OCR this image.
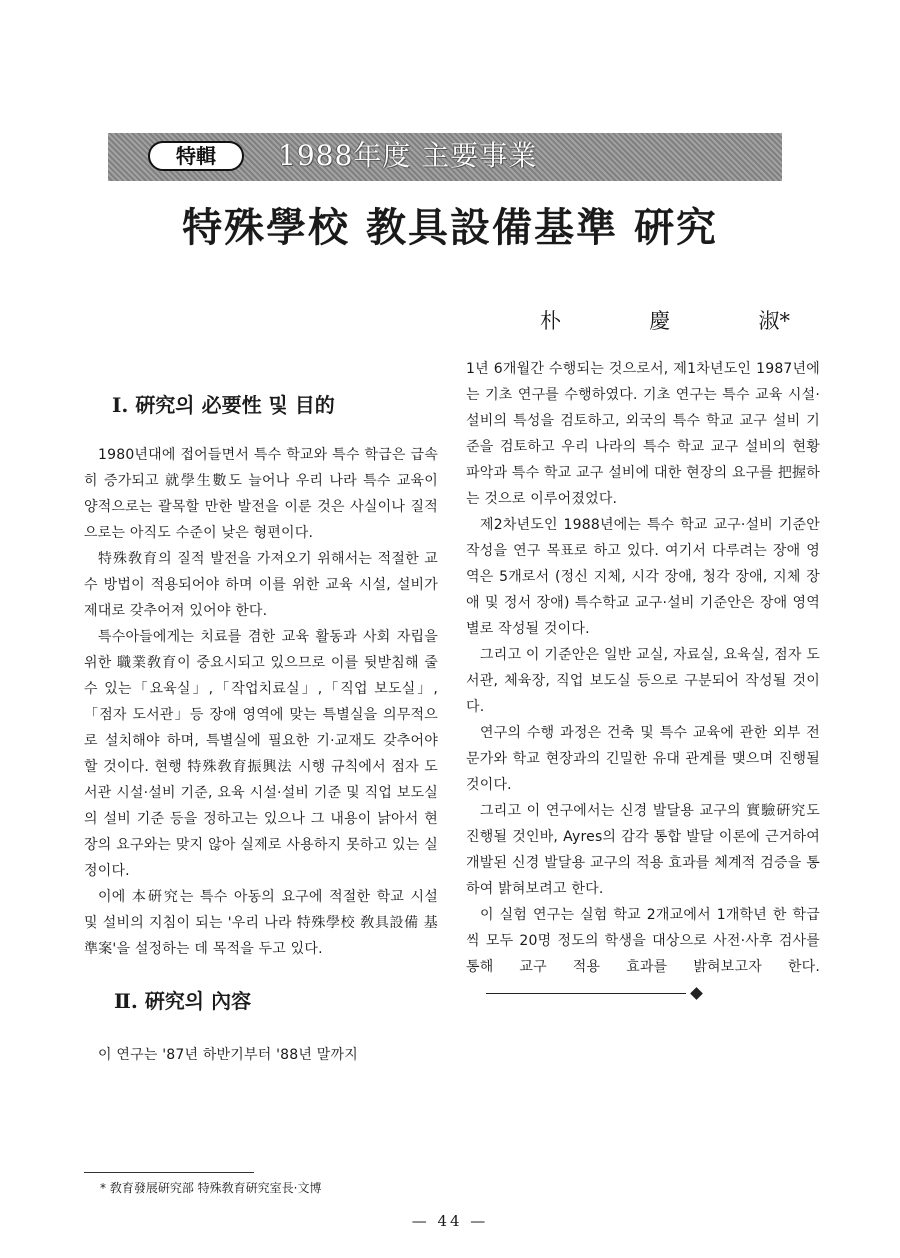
特輯	1988年度 主要事業
特殊學校 教具設備基準 硏究
朴	慶	淑*
Ⅰ. 硏究의 必要性 및 目的

1980년대에 접어들면서 특수 학교와 특수 학급은 급속히 증가되고 就學生數도 늘어나 우리 나라 특수 교육이 양적으로는 괄목할 만한 발전을 이룬 것은 사실이나 질적으로는 아직도 수준이 낮은 형편이다.

特殊敎育의 질적 발전을 가져오기 위해서는 적절한 교수 방법이 적용되어야 하며 이를 위한 교육 시설, 설비가 제대로 갖추어져 있어야 한다.

특수아들에게는 치료를 겸한 교육 활동과 사회 자립을 위한 職業敎育이 중요시되고 있으므로 이를 뒷받침해 줄 수 있는「요육실」,「작업치료실」,「직업 보도실」,「점자 도서관」등 장애 영역에 맞는 특별실을 의무적으로 설치해야 하며, 특별실에 필요한 기·교재도 갖추어야 할 것이다. 현행 特殊敎育振興法 시행 규칙에서 점자 도서관 시설·설비 기준, 요육 시설·설비 기준 및 직업 보도실의 설비 기준 등을 정하고는 있으나 그 내용이 낡아서 현장의 요구와는 맞지 않아 실제로 사용하지 못하고 있는 실정이다.

이에 本硏究는 특수 아동의 요구에 적절한 학교 시설 및 설비의 지침이 되는 '우리 나라 特殊學校 敎具設備 基準案'을 설정하는 데 목적을 두고 있다.

Ⅱ. 硏究의 內容

이 연구는 '87년 하반기부터 '88년 말까지

1년 6개월간 수행되는 것으로서, 제1차년도인 1987년에는 기초 연구를 수행하였다. 기초 연구는 특수 교육 시설·설비의 특성을 검토하고, 외국의 특수 학교 교구 설비 기준을 검토하고 우리 나라의 특수 학교 교구 설비의 현황 파악과 특수 학교 교구 설비에 대한 현장의 요구를 把握하는 것으로 이루어졌었다.

제2차년도인 1988년에는 특수 학교 교구·설비 기준안 작성을 연구 목표로 하고 있다. 여기서 다루려는 장애 영역은 5개로서 (정신 지체, 시각 장애, 청각 장애, 지체 장애 및 정서 장애) 특수학교 교구·설비 기준안은 장애 영역별로 작성될 것이다.

그리고 이 기준안은 일반 교실, 자료실, 요육실, 점자 도서관, 체육장, 직업 보도실 등으로 구분되어 작성될 것이다.

연구의 수행 과정은 건축 및 특수 교육에 관한 외부 전문가와 학교 현장과의 긴밀한 유대 관계를 맺으며 진행될 것이다.

그리고 이 연구에서는 신경 발달용 교구의 實驗硏究도 진행될 것인바, Ayres의 감각 통합 발달 이론에 근거하여 개발된 신경 발달용 교구의 적용 효과를 체계적 검증을 통하여 밝혀보려고 한다.

이 실험 연구는 실험 학교 2개교에서 1개학년 한 학급씩 모두 20명 정도의 학생을 대상으로 사전·사후 검사를 통해 교구 적용 효과를 밝혀보고자 한다.

* 敎育發展硏究部 特殊敎育硏究室長·文博
— 44 —
